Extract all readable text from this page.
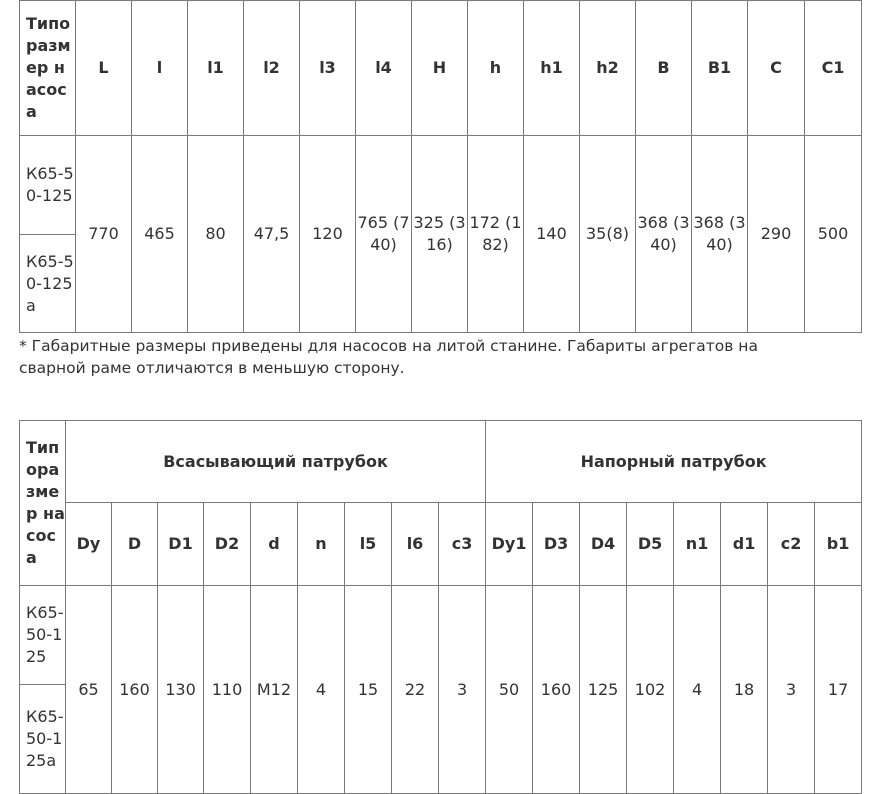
Типоразмер насоса	L	l	l1	l2	l3	l4	H	h	h1	h2	B	B1	C	C1
К65-50-125	770	465	80	47,5	120	765 (740)	325 (316)	172 (182)	140	35(8)	368 (340)	368 (340)	290	500
К65-50-125а														
* Габаритные размеры приведены для насосов на литой станине. Габариты агрегатов на сварной раме отличаются в меньшую сторону.
Типоразмер насоса	Всасывающий патрубок									Напорный патрубок							
	Dy	D	D1	D2	d	n	l5	l6	c3	Dy1	D3	D4	D5	n1	d1	c2	b1
К65-50-125	65	160	130	110	М12	4	15	22	3	50	160	125	102	4	18	3	17
К65-50-125а																	
